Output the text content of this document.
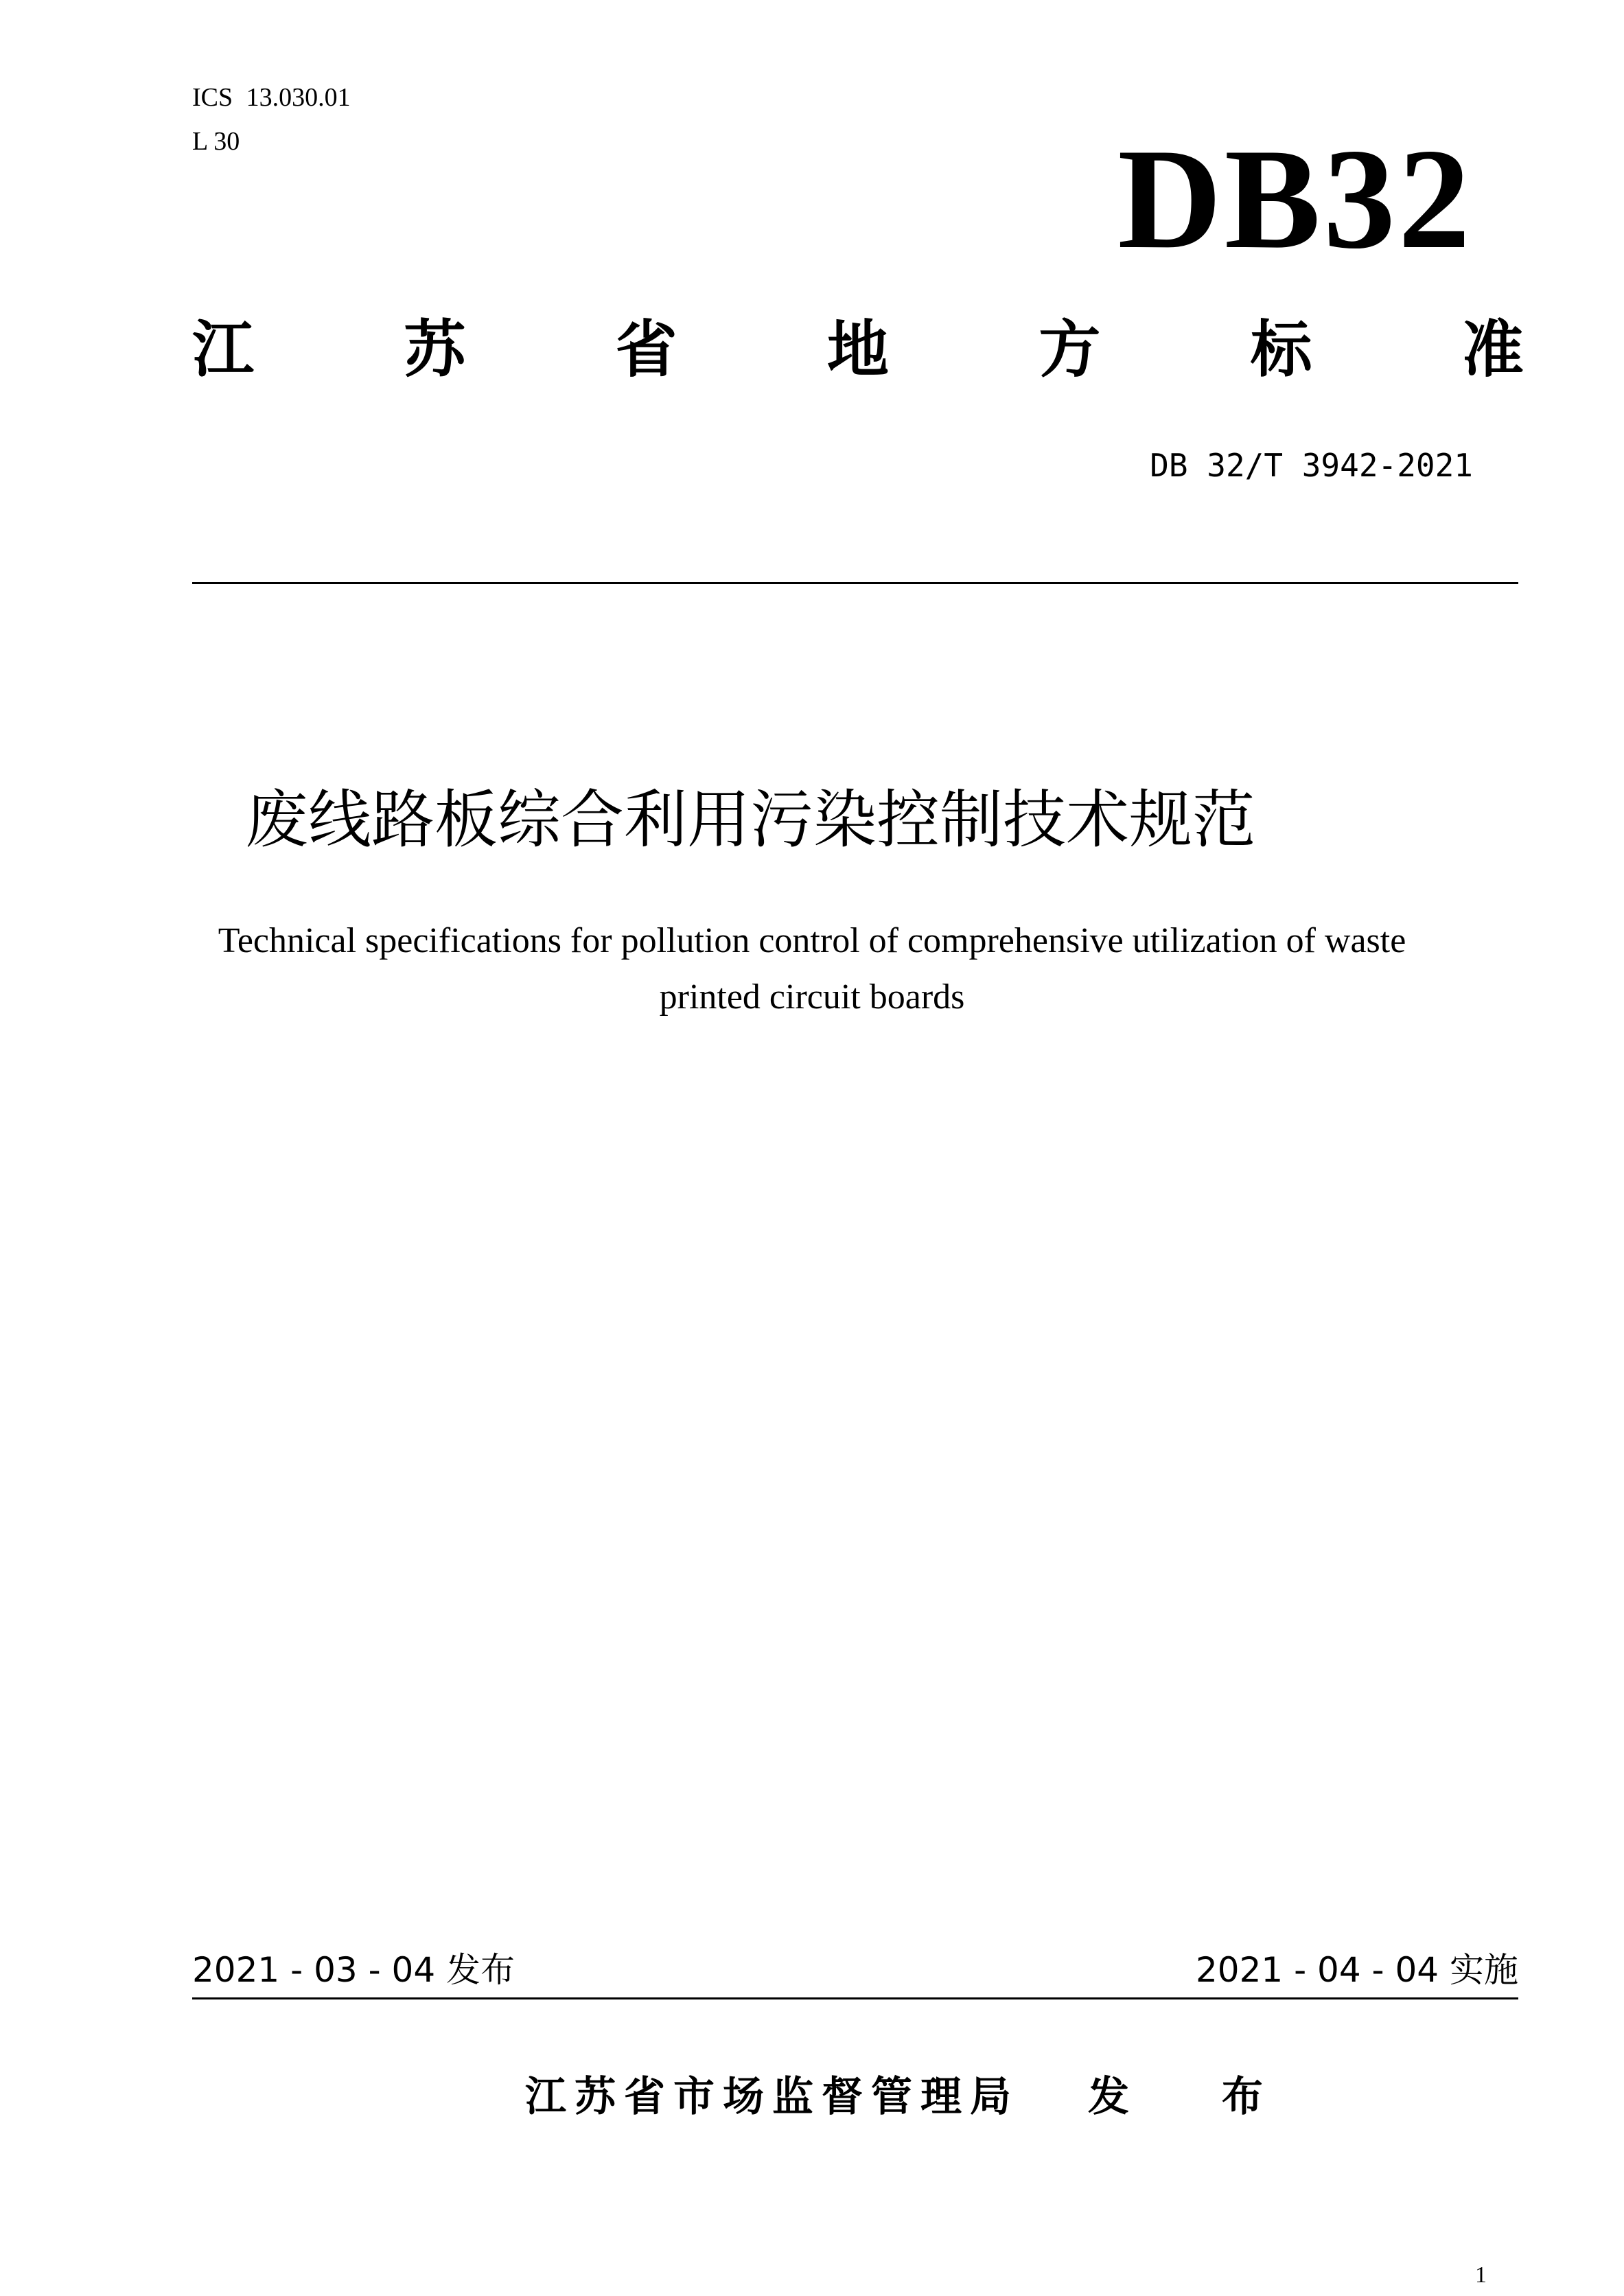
ICS 13.030.01
L 30	DB32
江 苏 省 地 方 标 准
DB 32/T 3942-2021
废线路板综合利用污染控制技术规范
Technical specifications for pollution control of comprehensive utilization of waste
printed circuit boards
2021 - 03 - 04 发布	2021 - 04 - 04 实施
江苏省市场监督管理局 发 布
1
